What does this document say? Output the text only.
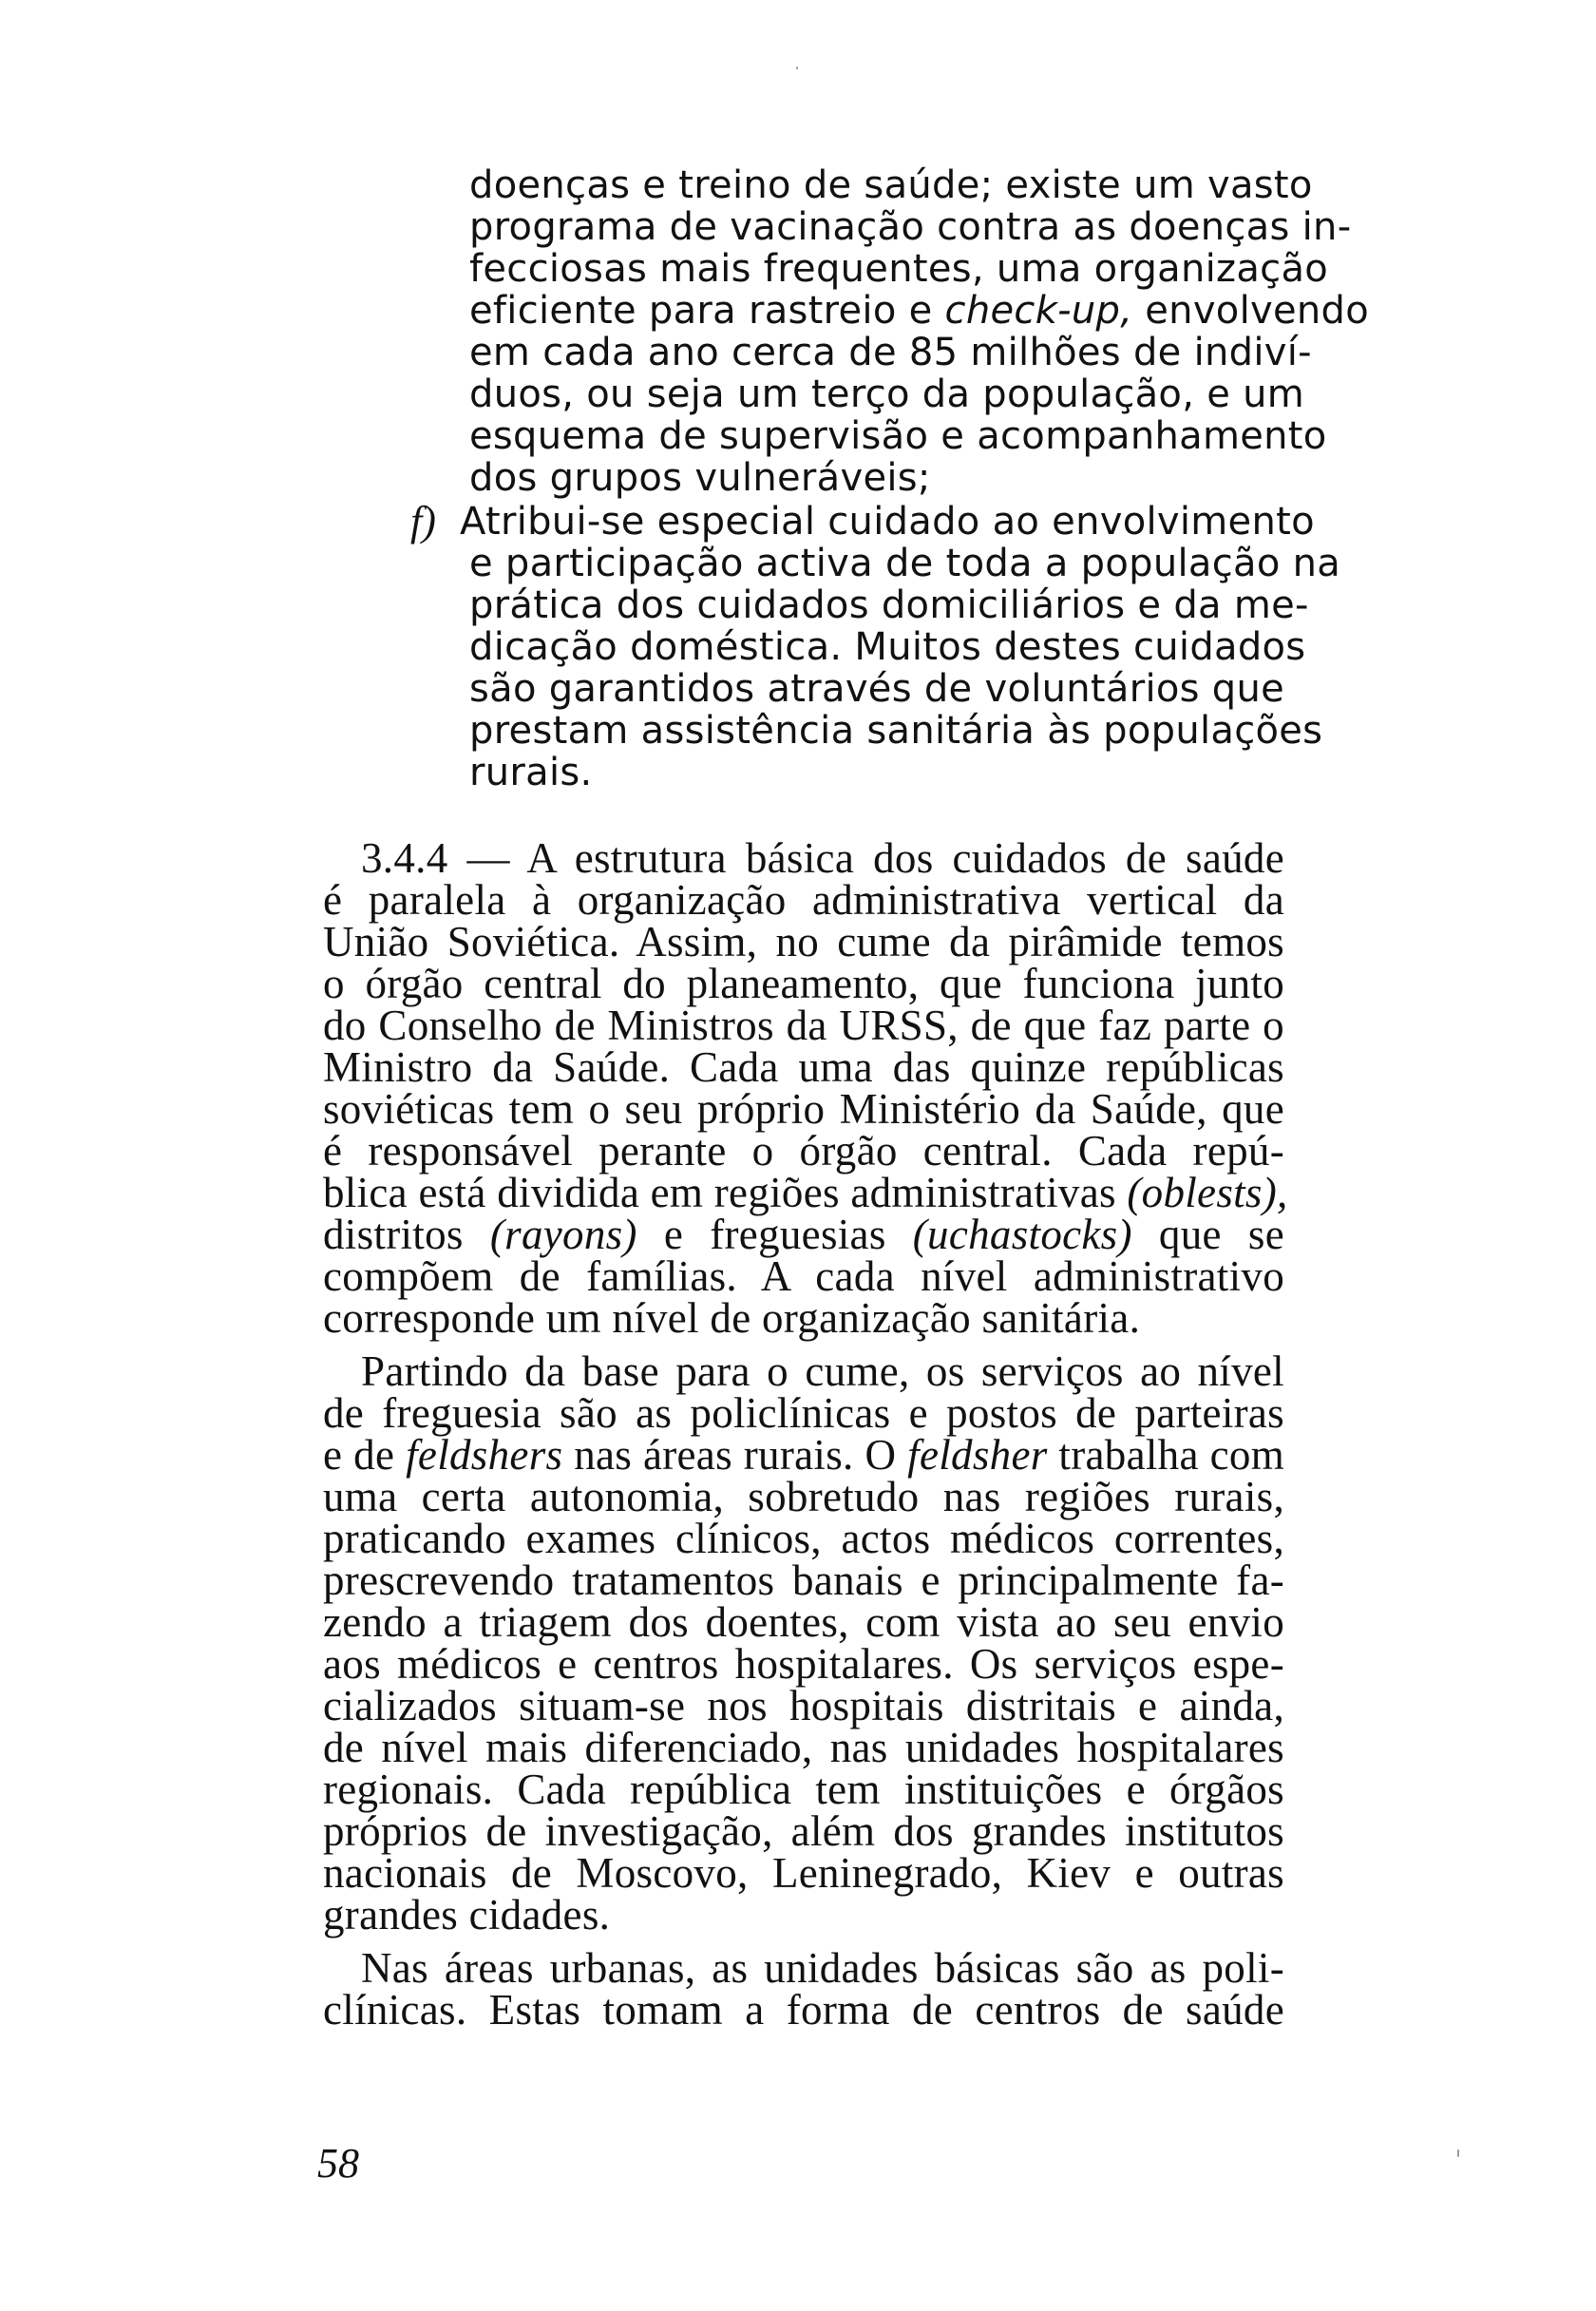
doenças e treino de saúde; existe um vasto
programa de vacinação contra as doenças in-
fecciosas mais frequentes, uma organização
eficiente para rastreio e check-up, envolvendo
em cada ano cerca de 85 milhões de indiví-
duos, ou seja um terço da população, e um
esquema de supervisão e acompanhamento
dos grupos vulneráveis;
f) Atribui-se especial cuidado ao envolvimento
e participação activa de toda a população na
prática dos cuidados domiciliários e da me-
dicação doméstica. Muitos destes cuidados
são garantidos através de voluntários que
prestam assistência sanitária às populações
rurais.
3.4.4 — A estrutura básica dos cuidados de saúde
é paralela à organização administrativa vertical da
União Soviética. Assim, no cume da pirâmide temos
o órgão central do planeamento, que funciona junto
do Conselho de Ministros da URSS, de que faz parte o
Ministro da Saúde. Cada uma das quinze repúblicas
soviéticas tem o seu próprio Ministério da Saúde, que
é responsável perante o órgão central. Cada repú-
blica está dividida em regiões administrativas (oblests),
distritos (rayons) e freguesias (uchastocks) que se
compõem de famílias. A cada nível administrativo
corresponde um nível de organização sanitária.
Partindo da base para o cume, os serviços ao nível
de freguesia são as policlínicas e postos de parteiras
e de feldshers nas áreas rurais. O feldsher trabalha com
uma certa autonomia, sobretudo nas regiões rurais,
praticando exames clínicos, actos médicos correntes,
prescrevendo tratamentos banais e principalmente fa-
zendo a triagem dos doentes, com vista ao seu envio
aos médicos e centros hospitalares. Os serviços espe-
cializados situam-se nos hospitais distritais e ainda,
de nível mais diferenciado, nas unidades hospitalares
regionais. Cada república tem instituições e órgãos
próprios de investigação, além dos grandes institutos
nacionais de Moscovo, Leninegrado, Kiev e outras
grandes cidades.
Nas áreas urbanas, as unidades básicas são as poli-
clínicas. Estas tomam a forma de centros de saúde
58
